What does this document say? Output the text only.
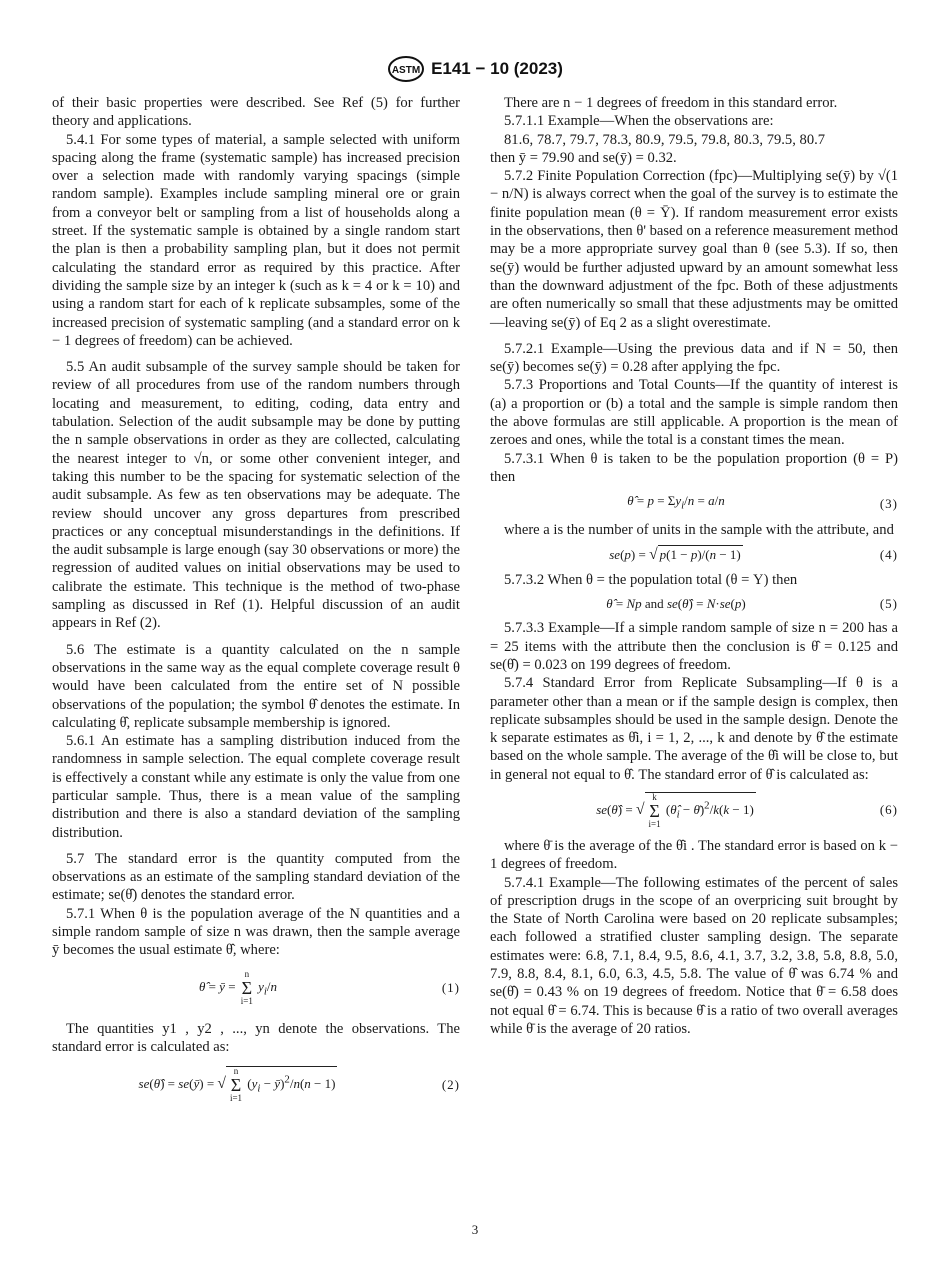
ASTM E141 − 10 (2023)

of their basic properties were described. See Ref (5) for further theory and applications.

5.4.1 For some types of material, a sample selected with uniform spacing along the frame (systematic sample) has increased precision over a selection made with randomly varying spacings (simple random sample). Examples include sampling mineral ore or grain from a conveyor belt or sampling from a list of households along a street. If the systematic sample is obtained by a single random start the plan is then a probability sampling plan, but it does not permit calculating the standard error as required by this practice. After dividing the sample size by an integer k (such as k = 4 or k = 10) and using a random start for each of k replicate subsamples, some of the increased precision of systematic sampling (and a standard error on k − 1 degrees of freedom) can be achieved.

5.5 An audit subsample of the survey sample should be taken for review of all procedures from use of the random numbers through locating and measurement, to editing, coding, data entry and tabulation. Selection of the audit subsample may be done by putting the n sample observations in order as they are collected, calculating the nearest integer to √n, or some other convenient integer, and taking this number to be the spacing for systematic selection of the audit subsample. As few as ten observations may be adequate. The review should uncover any gross departures from prescribed practices or any conceptual misunderstandings in the definitions. If the audit subsample is large enough (say 30 observations or more) the regression of audited values on initial observations may be used to calibrate the estimate. This technique is the method of two-phase sampling as discussed in Ref (1). Helpful discussion of an audit appears in Ref (2).

5.6 The estimate is a quantity calculated on the n sample observations in the same way as the equal complete coverage result θ would have been calculated from the entire set of N possible observations of the population; the symbol θ̂ denotes the estimate. In calculating θ̂, replicate subsample membership is ignored.

5.6.1 An estimate has a sampling distribution induced from the randomness in sample selection. The equal complete coverage result is effectively a constant while any estimate is only the value from one particular sample. Thus, there is a mean value of the sampling distribution and there is also a standard deviation of the sampling distribution.

5.7 The standard error is the quantity computed from the observations as an estimate of the sampling standard deviation of the estimate; se(θ̂) denotes the standard error.

5.7.1 When θ is the population average of the N quantities and a simple random sample of size n was drawn, then the sample average ȳ becomes the usual estimate θ̂, where:

θ̂ = ȳ =
n
Σ
i=1
$y_i/n$	(1)

The quantities y1 , y2 , ..., yn denote the observations. The standard error is calculated as:

se(θ̂) = se(ȳ) = √
n
Σ
i=1
($y_i$ − ȳ)$^2$/n(n − 1)	(2)

There are n − 1 degrees of freedom in this standard error.

5.7.1.1 Example—When the observations are:

81.6, 78.7, 79.7, 78.3, 80.9, 79.5, 79.8, 80.3, 79.5, 80.7

then ȳ = 79.90 and se(ȳ) = 0.32.

5.7.2 Finite Population Correction (fpc)—Multiplying se(ȳ) by √(1 − n/N) is always correct when the goal of the survey is to estimate the finite population mean (θ = Ȳ). If random measurement error exists in the observations, then θ' based on a reference measurement method may be a more appropriate survey goal than θ (see 5.3). If so, then se(ȳ) would be further adjusted upward by an amount somewhat less than the downward adjustment of the fpc. Both of these adjustments are often numerically so small that these adjustments may be omitted—leaving se(ȳ) of Eq 2 as a slight overestimate.

5.7.2.1 Example—Using the previous data and if N = 50, then se(ȳ) becomes se(ȳ) = 0.28 after applying the fpc.

5.7.3 Proportions and Total Counts—If the quantity of interest is (a) a proportion or (b) a total and the sample is simple random then the above formulas are still applicable. A proportion is the mean of zeroes and ones, while the total is a constant times the mean.

5.7.3.1 When θ is taken to be the population proportion (θ = P) then

θ̂ = $p = \Sigma y_i/n = a/n$	(3)

where a is the number of units in the sample with the attribute, and

se(p) = √ p(1 − p)/(n − 1)	(4)

5.7.3.2 When θ = the population total (θ = Y) then

θ̂ = Np and se(θ̂) = N·se(p)	(5)

5.7.3.3 Example—If a simple random sample of size n = 200 has a = 25 items with the attribute then the conclusion is θ̂ = 0.125 and se(θ̂) = 0.023 on 199 degrees of freedom.

5.7.4 Standard Error from Replicate Subsampling—If θ is a parameter other than a mean or if the sample design is complex, then replicate subsamples should be used in the sample design. Denote the k separate estimates as θ̂i, i = 1, 2, ..., k and denote by θ̂ the estimate based on the whole sample. The average of the θ̂i will be close to, but in general not equal to θ̂. The standard error of θ̂ is calculated as:

se(θ̂) = √
k
Σ
i=1
($\thetâ_i$ − θ̄)$^2$/k(k − 1)	(6)

where θ̄ is the average of the θ̂i . The standard error is based on k − 1 degrees of freedom.

5.7.4.1 Example—The following estimates of the percent of sales of prescription drugs in the scope of an overpricing suit brought by the State of North Carolina were based on 20 replicate subsamples; each followed a stratified cluster sampling design. The separate estimates were: 6.8, 7.1, 8.4, 9.5, 8.6, 4.1, 3.7, 3.2, 3.8, 5.8, 8.8, 5.0, 7.9, 8.8, 8.4, 8.1, 6.0, 6.3, 4.5, 5.8. The value of θ̂ was 6.74 % and se(θ̂) = 0.43 % on 19 degrees of freedom. Notice that θ̄ = 6.58 does not equal θ̂ = 6.74. This is because θ̂ is a ratio of two overall averages while θ̄ is the average of 20 ratios.

3
